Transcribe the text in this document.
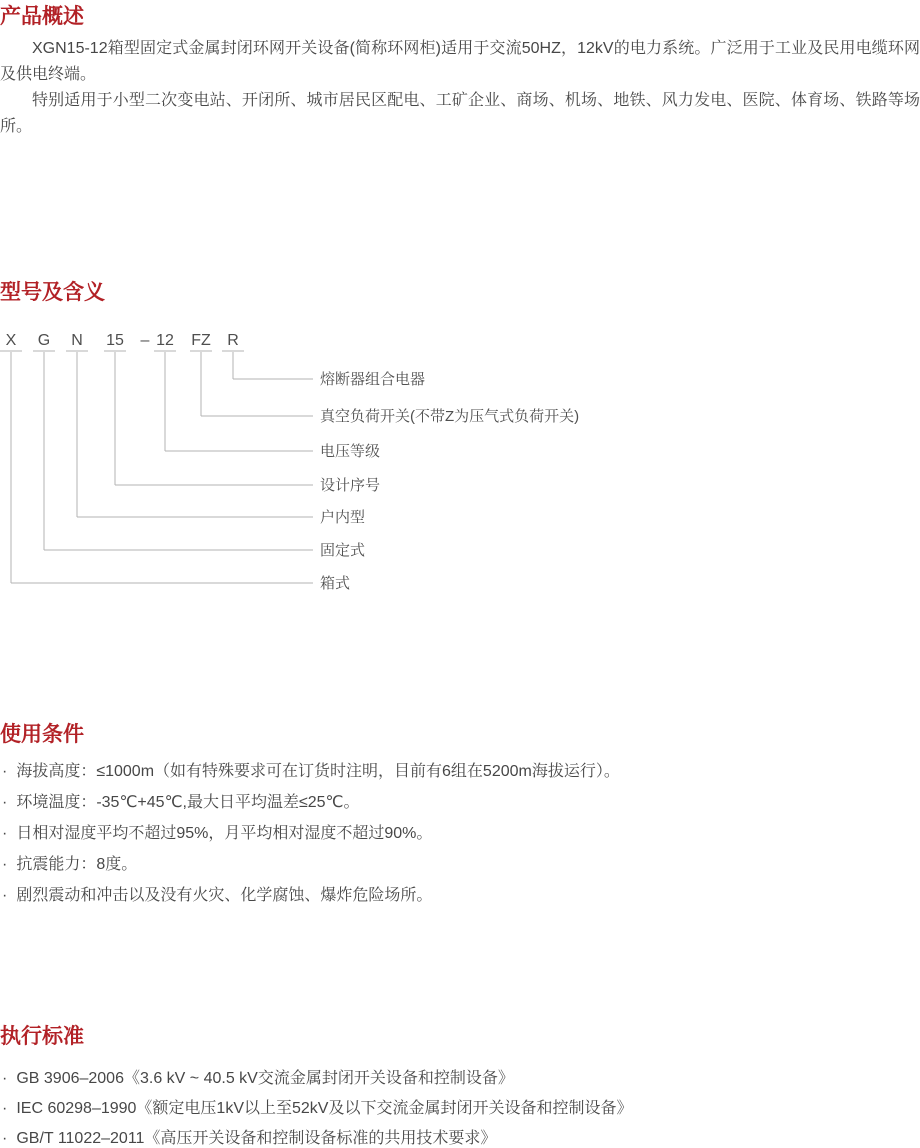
产品概述

XGN15-12箱型固定式金属封闭环网开关设备(简称环网柜)适用于交流50HZ，12kV的电力系统。广泛用于工业及民用电缆环网及供电终端。

特别适用于小型二次变电站、开闭所、城市居民区配电、工矿企业、商场、机场、地铁、风力发电、医院、体育场、铁路等场所。

型号及含义
X G N 15 – 12 FZ R
熔断器组合电器
真空负荷开关(不带Z为压气式负荷开关)
电压等级
设计序号
户内型
固定式
箱式
使用条件
· 海拔高度：≤1000m（如有特殊要求可在订货时注明，目前有6组在5200m海拔运行）。
· 环境温度：-35℃+45℃,最大日平均温差≤25℃。
· 日相对湿度平均不超过95%，月平均相对湿度不超过90%。
· 抗震能力：8度。
· 剧烈震动和冲击以及没有火灾、化学腐蚀、爆炸危险场所。
执行标准
· GB 3906–2006《3.6 kV ~ 40.5 kV交流金属封闭开关设备和控制设备》
· IEC 60298–1990《额定电压1kV以上至52kV及以下交流金属封闭开关设备和控制设备》
· GB/T 11022–2011《高压开关设备和控制设备标准的共用技术要求》
